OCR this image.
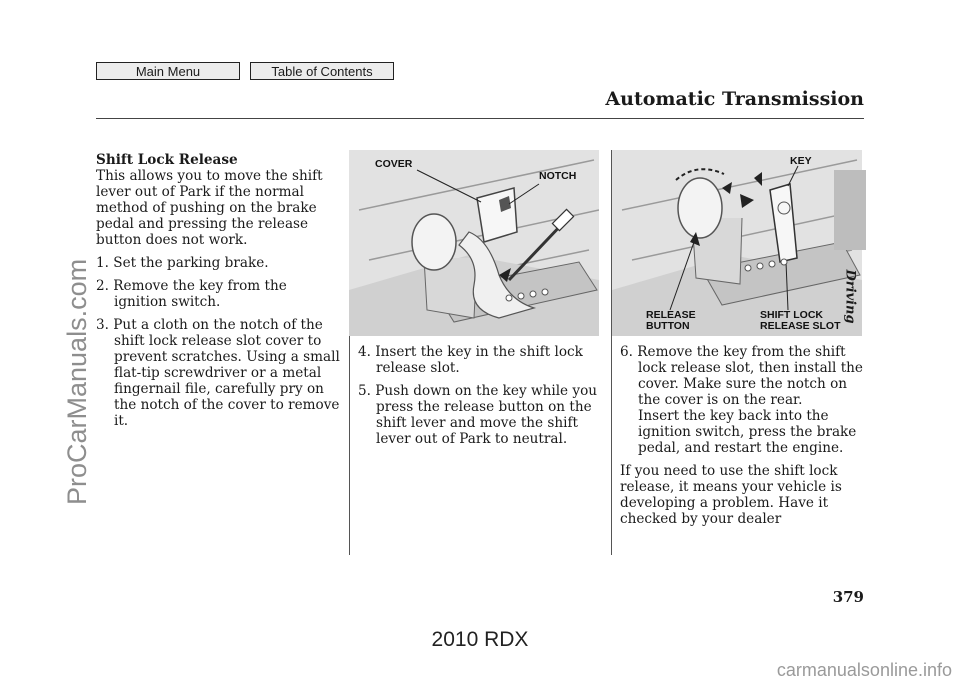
Main Menu	Table of Contents
Automatic Transmission

Shift Lock Release

This allows you to move the shift lever out of Park if the normal method of pushing on the brake pedal and pressing the release button does not work.

1. Set the parking brake.

2. Remove the key from the ignition switch.

3. Put a cloth on the notch of the shift lock release slot cover to prevent scratches. Using a small flat-tip screwdriver or a metal fingernail file, carefully pry on the notch of the cover to remove it.

COVER
NOTCH

4. Insert the key in the shift lock release slot.

5. Push down on the key while you press the release button on the shift lever and move the shift lever out of Park to neutral.

KEY
RELEASE BUTTON
SHIFT LOCK RELEASE SLOT

6. Remove the key from the shift lock release slot, then install the cover. Make sure the notch on the cover is on the rear.

Insert the key back into the ignition switch, press the brake pedal, and restart the engine.

If you need to use the shift lock release, it means your vehicle is developing a problem. Have it checked by your dealer

Driving
379
2010 RDX
ProCarManuals.com
carmanualsonline.info
